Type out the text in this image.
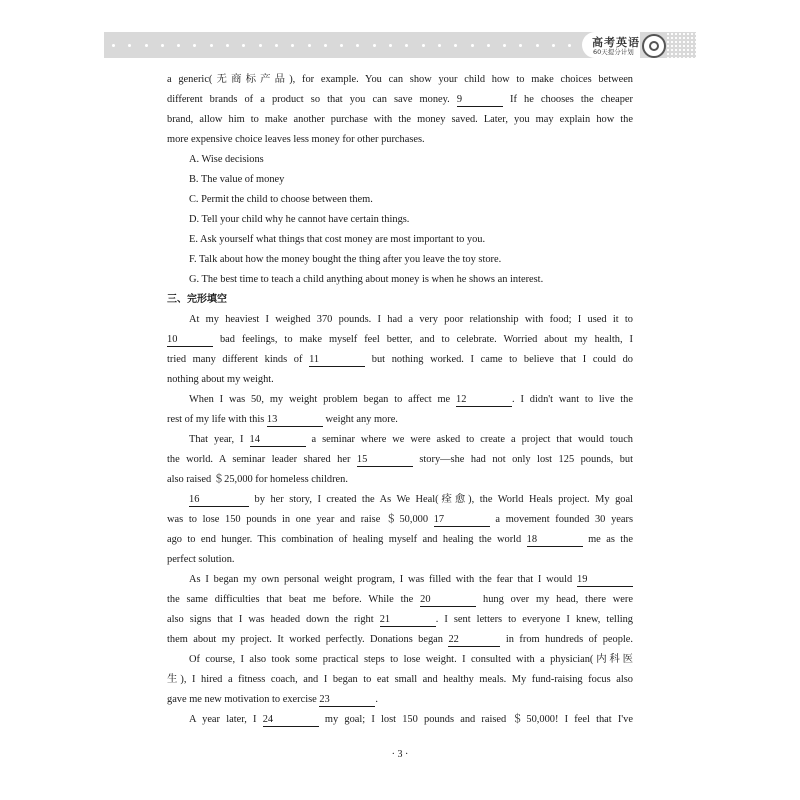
高考英语
60天提分计划
a generic(无商标产品), for example. You can show your child how to make choices between
different brands of a product so that you can save money. 9	If he chooses the cheaper
brand, allow him to make another purchase with the money saved. Later, you may explain how the
more expensive choice leaves less money for other purchases.
A. Wise decisions
B. The value of money
C. Permit the child to choose between them.
D. Tell your child why he cannot have certain things.
E. Ask yourself what things that cost money are most important to you.
F. Talk about how the money bought the thing after you leave the toy store.
G. The best time to teach a child anything about money is when he shows an interest.
三、完形填空
At my heaviest I weighed 370 pounds. I had a very poor relationship with food; I used it to
10	bad feelings, to make myself feel better, and to celebrate. Worried about my health, I
tried many different kinds of 11	but nothing worked. I came to believe that I could do
nothing about my weight.
When I was 50, my weight problem began to affect me 12	. I didn't want to live the
rest of my life with this 13	weight any more.
That year, I 14	a seminar where we were asked to create a project that would touch
the world. A seminar leader shared her 15	story—she had not only lost 125 pounds, but
also raised ＄25,000 for homeless children.
16	by her story, I created the As We Heal(痊愈), the World Heals project. My goal
was to lose 150 pounds in one year and raise ＄50,000 17	a movement founded 30 years
ago to end hunger. This combination of healing myself and healing the world 18	me as the
perfect solution.
As I began my own personal weight program, I was filled with the fear that I would 19
the same difficulties that beat me before. While the 20	hung over my head, there were
also signs that I was headed down the right 21	. I sent letters to everyone I knew, telling
them about my project. It worked perfectly. Donations began 22	in from hundreds of people.
Of course, I also took some practical steps to lose weight. I consulted with a physician(内科医
生), I hired a fitness coach, and I began to eat small and healthy meals. My fund-raising focus also
gave me new motivation to exercise 23	.
A year later, I 24	my goal; I lost 150 pounds and raised ＄50,000! I feel that I've
· 3 ·
